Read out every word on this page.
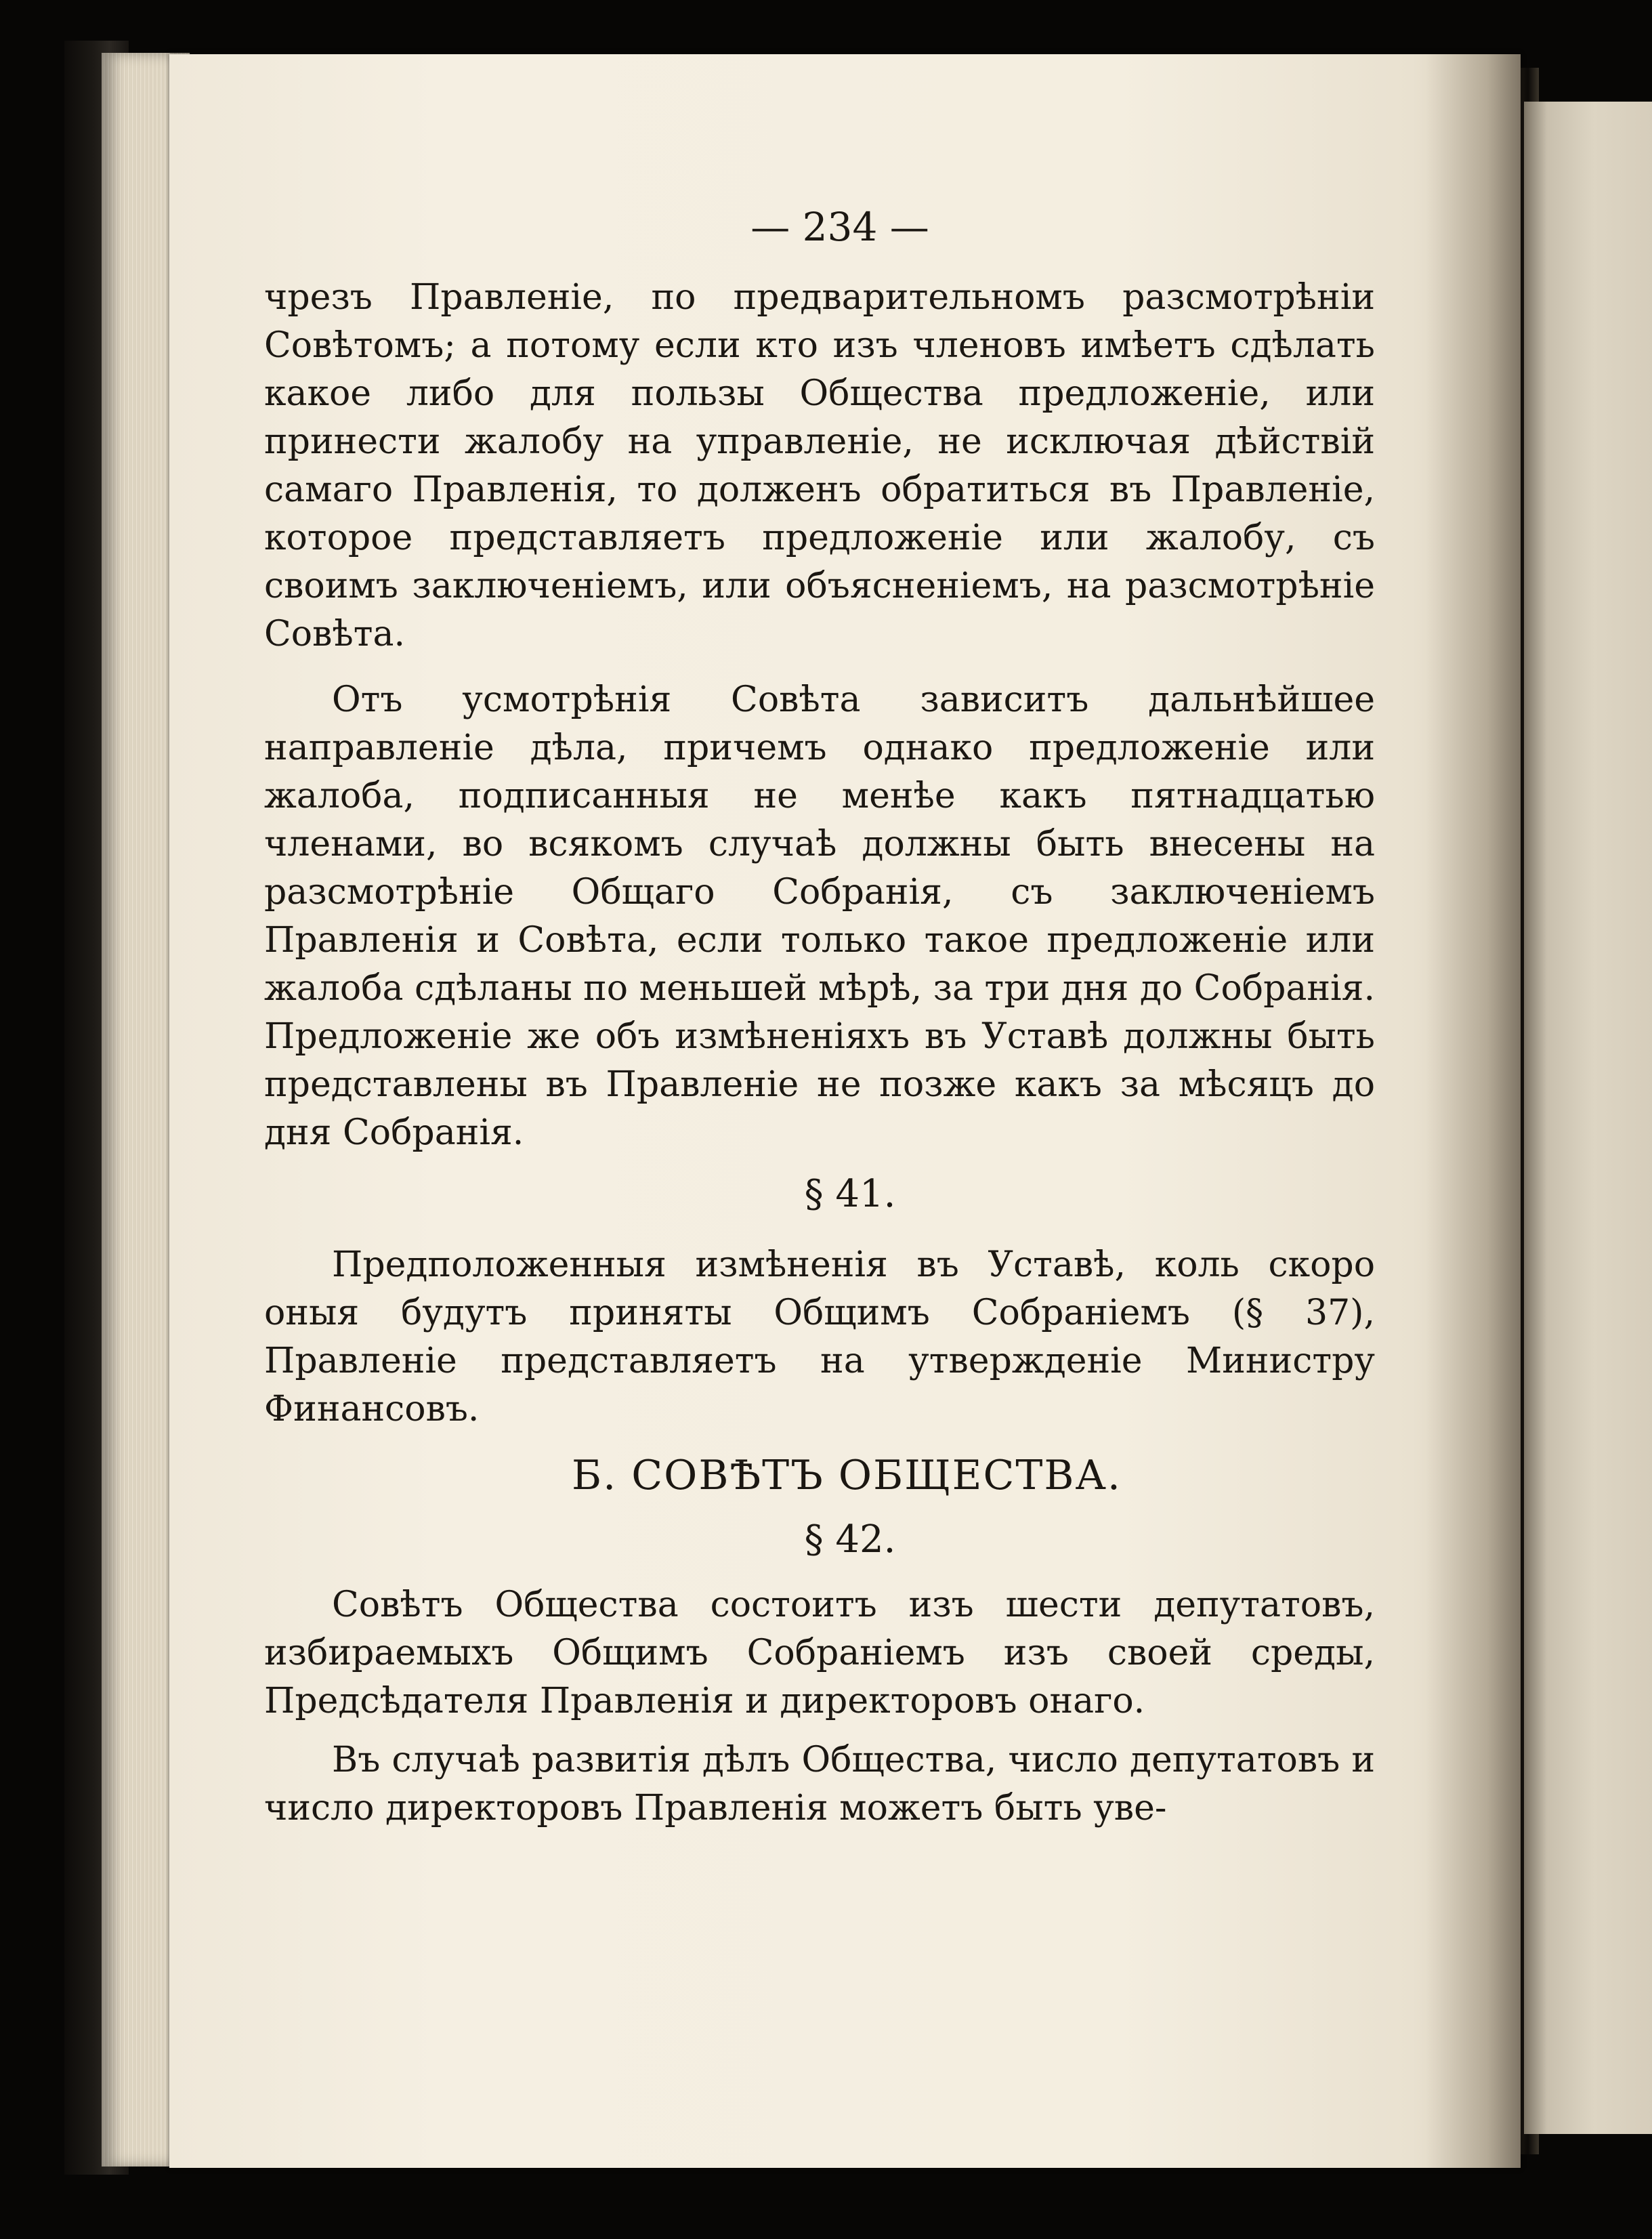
— 234 —

чрезъ Правленіе, по предварительномъ разсмотрѣніи Совѣтомъ; а потому если кто изъ членовъ имѣетъ сдѣлать какое либо для пользы Общества предложеніе, или принести жалобу на управленіе, не исключая дѣйствій самаго Правленія, то долженъ обратиться въ Правленіе, которое представляетъ предложеніе или жалобу, съ своимъ заключеніемъ, или объясненіемъ, на разсмотрѣніе Совѣта.

Отъ усмотрѣнія Совѣта зависитъ дальнѣйшее направленіе дѣла, причемъ однако предложеніе или жалоба, подписанныя не менѣе какъ пятнадцатью членами, во всякомъ случаѣ должны быть внесены на разсмотрѣніе Общаго Собранія, съ заключеніемъ Правленія и Совѣта, если только такое предложеніе или жалоба сдѣланы по меньшей мѣрѣ, за три дня до Собранія. Предложеніе же объ измѣненіяхъ въ Уставѣ должны быть представлены въ Правленіе не позже какъ за мѣсяцъ до дня Собранія.

§ 41.

Предположенныя измѣненія въ Уставѣ, коль скоро оныя будутъ приняты Общимъ Собраніемъ (§ 37), Правленіе представляетъ на утвержденіе Министру Финансовъ.

Б. СОВѢТЪ ОБЩЕСТВА.
§ 42.

Совѣтъ Общества состоитъ изъ шести депутатовъ, избираемыхъ Общимъ Собраніемъ изъ своей среды, Предсѣдателя Правленія и директоровъ онаго.

Въ случаѣ развитія дѣлъ Общества, число депутатовъ и число директоровъ Правленія можетъ быть уве-
